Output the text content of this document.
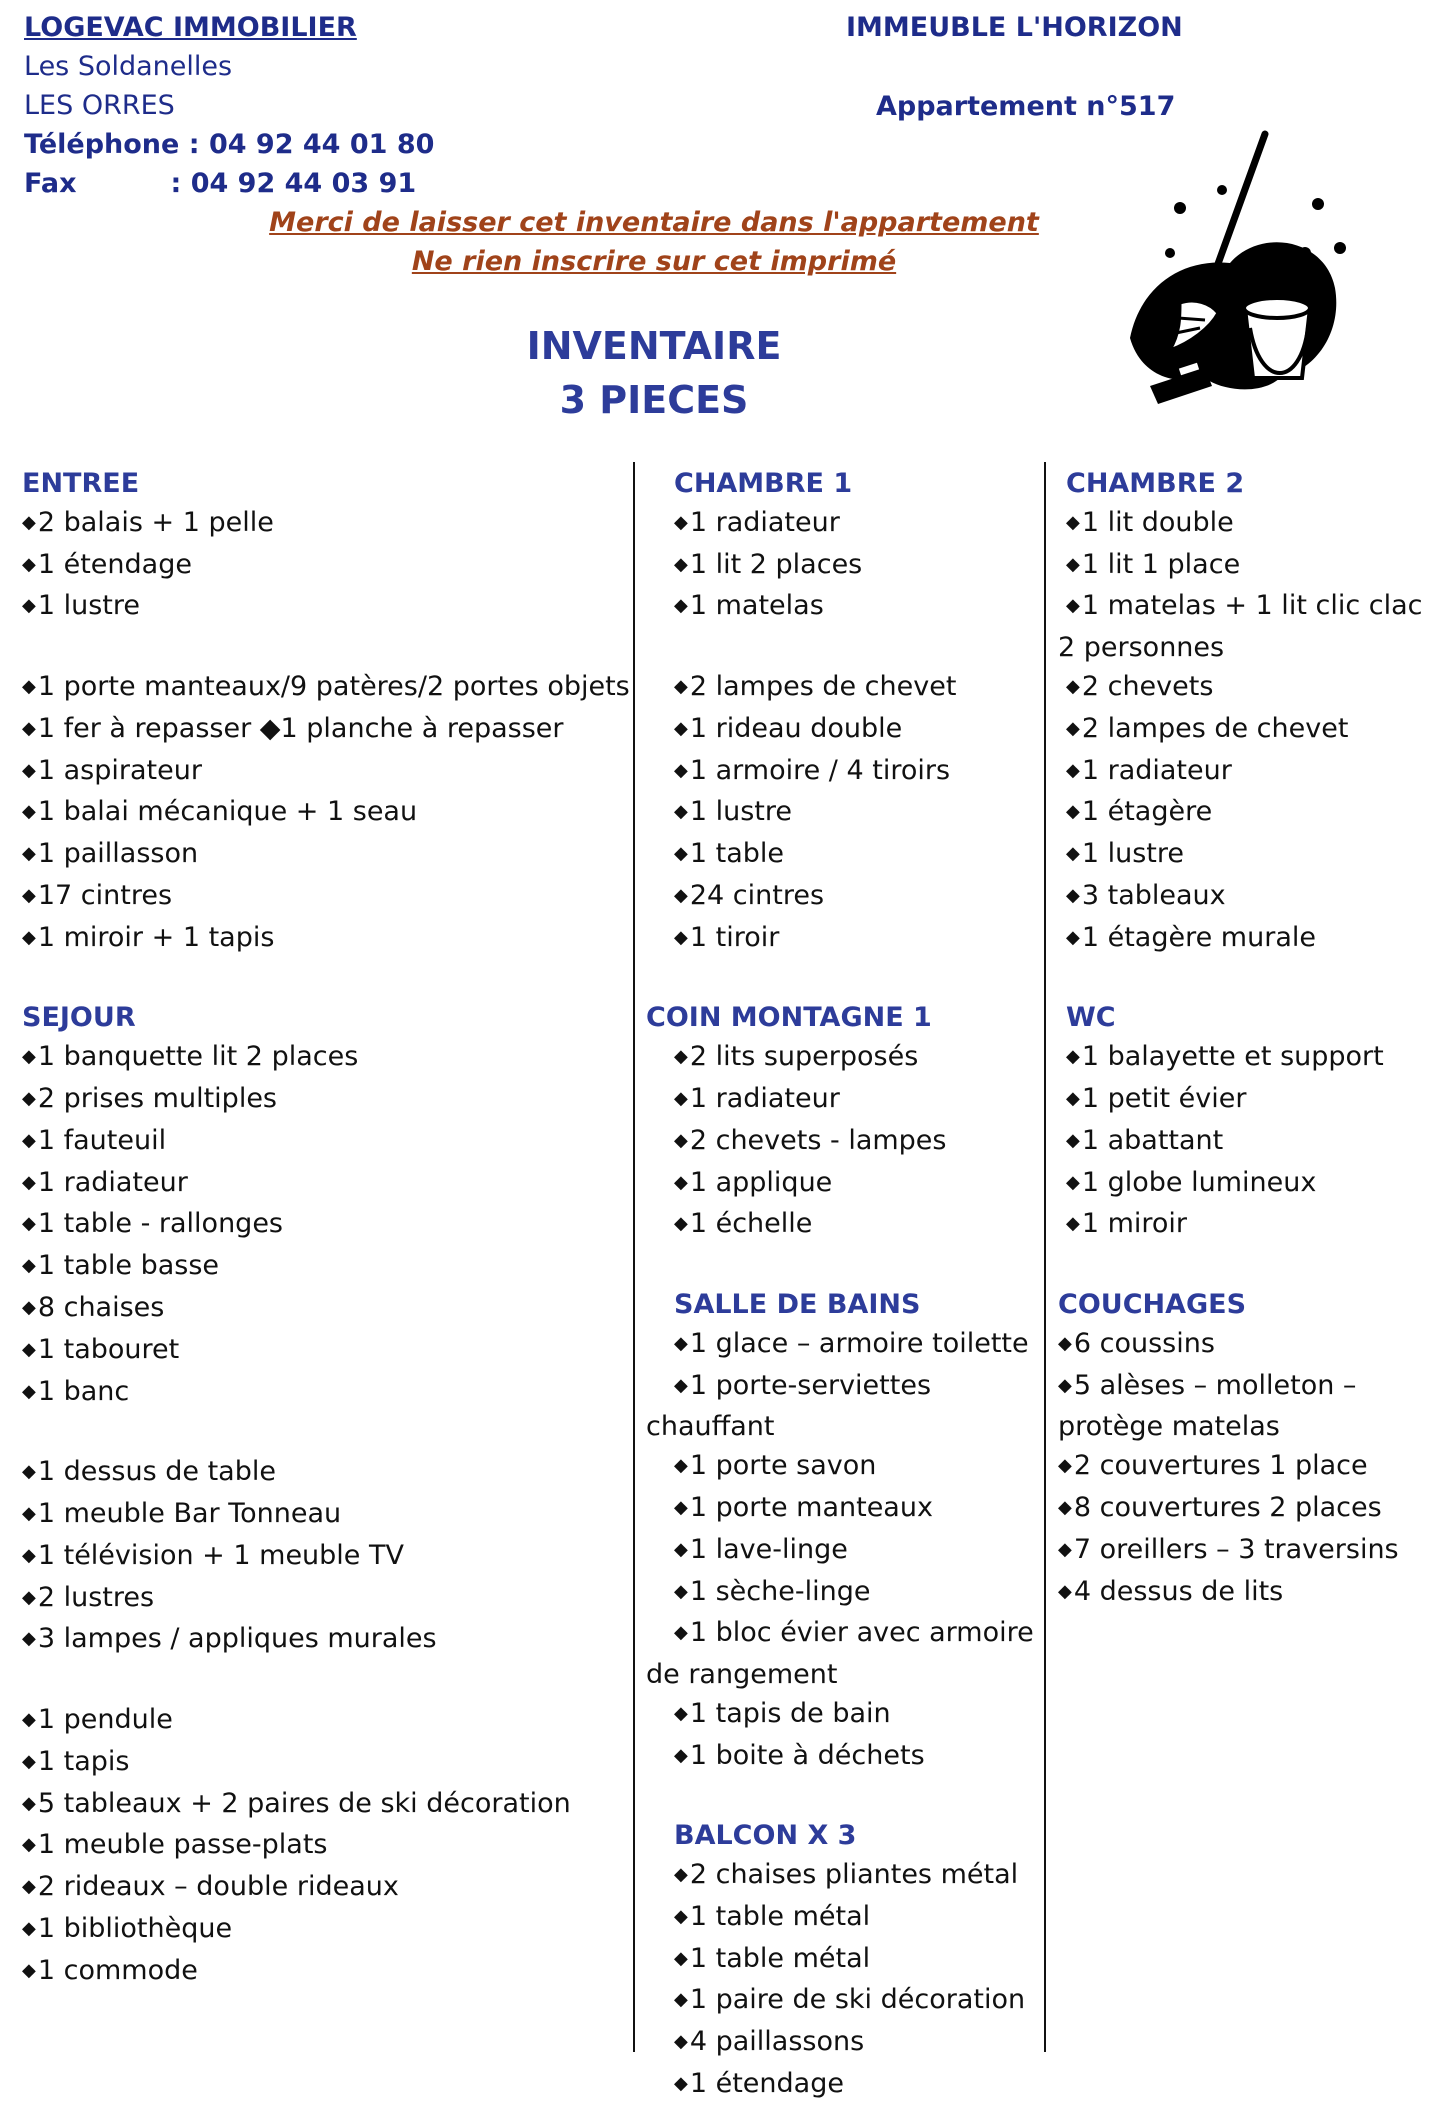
LOGEVAC IMMOBILIER
Les Soldanelles
LES ORRES
Téléphone : 04 92 44 01 80
Fax          : 04 92 44 03 91
IMMEUBLE L'HORIZON
Appartement n°517
Merci de laisser cet inventaire dans l'appartement
Ne rien inscrire sur cet imprimé
INVENTAIRE
3 PIECES
ENTREE
◆2 balais + 1 pelle
◆1 étendage
◆1 lustre
◆1 porte manteaux/9 patères/2 portes objets
◆1 fer à repasser ◆1 planche à repasser
◆1 aspirateur
◆1 balai mécanique + 1 seau
◆1 paillasson
◆17 cintres
◆1 miroir + 1 tapis
SEJOUR
◆1 banquette lit 2 places
◆2 prises multiples
◆1 fauteuil
◆1 radiateur
◆1 table - rallonges
◆1 table basse
◆8 chaises
◆1 tabouret
◆1 banc
◆1 dessus de table
◆1 meuble Bar Tonneau
◆1 télévision + 1 meuble TV
◆2 lustres
◆3 lampes / appliques murales
◆1 pendule
◆1 tapis
◆5 tableaux + 2 paires de ski décoration
◆1 meuble passe-plats
◆2 rideaux – double rideaux
◆1 bibliothèque
◆1 commode
CHAMBRE 1
◆1 radiateur
◆1 lit 2 places
◆1 matelas
◆2 lampes de chevet
◆1 rideau double
◆1 armoire / 4 tiroirs
◆1 lustre
◆1 table
◆24 cintres
◆1 tiroir
COIN MONTAGNE 1
◆2 lits superposés
◆1 radiateur
◆2 chevets - lampes
◆1 applique
◆1 échelle
SALLE DE BAINS
◆1 glace – armoire toilette
◆1 porte-serviettes
chauffant
◆1 porte savon
◆1 porte manteaux
◆1 lave-linge
◆1 sèche-linge
◆1 bloc évier avec armoire
de rangement
◆1 tapis de bain
◆1 boite à déchets
BALCON X 3
◆2 chaises pliantes métal
◆1 table métal
◆1 table métal
◆1 paire de ski décoration
◆4 paillassons
◆1 étendage
CHAMBRE 2
◆1 lit double
◆1 lit 1 place
◆1 matelas + 1 lit clic clac
2 personnes
◆2 chevets
◆2 lampes de chevet
◆1 radiateur
◆1 étagère
◆1 lustre
◆3 tableaux
◆1 étagère murale
WC
◆1 balayette et support
◆1 petit évier
◆1 abattant
◆1 globe lumineux
◆1 miroir
COUCHAGES
◆6 coussins
◆5 alèses – molleton –
protège matelas
◆2 couvertures 1 place
◆8 couvertures 2 places
◆7 oreillers – 3 traversins
◆4 dessus de lits
